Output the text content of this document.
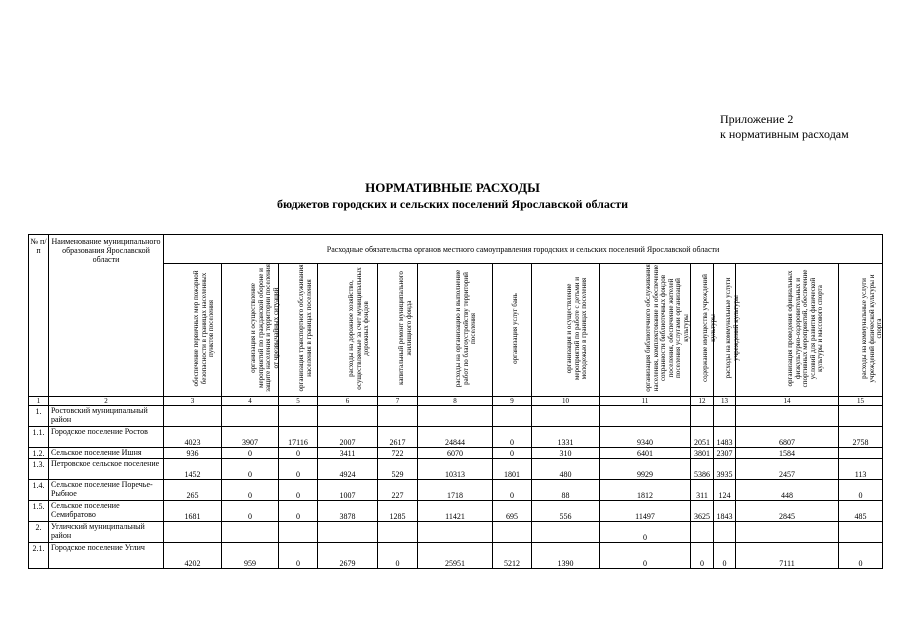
Приложение 2
к нормативным расходам
НОРМАТИВНЫЕ РАСХОДЫ
бюджетов городских и сельских поселений Ярославской области
№ п/п	Наименование муниципального образования Ярославской области	Расходные обязательства органов местного самоуправления городских и сельских поселений Ярославской области												

		обеспечение первичных мер пожарной безопасности в границах населенных пунктов поселения	организация и осуществление мероприятий по гражданской обороне и защите населения и территории поселения от чрезвычайных ситуаций	организация транспортного обслуживания населения в границах поселения	расходы на дорожное хозяйство, осуществляемые за счет муниципальных дорожных фондов	капитальный ремонт муниципального жилищного фонда	расходы на организацию и выполнение работ по благоустройству территорий поселения	организация услуг бань	организация и осуществление мероприятий по работе с детьми и молодежью в границах поселения	организация библиотечного обслуживания населения, комплектование и обеспечение сохранности библиотечных фондов поселения, обеспечение жителей поселения услугами организаций культуры	содержание имущества учреждений культуры	расходы на коммунальные услуги учреждений культуры	организация проведения официальных физкультурно-оздоровительных и спортивных мероприятий, обеспечение условий для развития физической культуры и массового спорта	расходы на коммунальные услуги учреждений физической культуры и спорта

1	2	3	4	5	6	7	8	9	10	11	12	13	14	15
1.	Ростовский муниципальный район													
1.1.	Городское поселение Ростов	4023	3907	17116	2007	2617	24844	0	1331	9340	2051	1483	6807	2758
1.2.	Сельское поселение Ишня	936	0	0	3411	722	6070	0	310	6401	3801	2307	1584	
1.3.	Петровское сельское поселение	1452	0	0	4924	529	10313	1801	480	9929	5386	3935	2457	113
1.4.	Сельское поселение Поречье-Рыбное	265	0	0	1007	227	1718	0	88	1812	311	124	448	0
1.5.	Сельское поселение Семибратово	1681	0	0	3878	1285	11421	695	556	11497	3625	1843	2845	485
2.	Угличский муниципальный район									0				
2.1.	Городское поселение Углич	4202	959	0	2679	0	25951	5212	1390	0	0	0	7111	0
